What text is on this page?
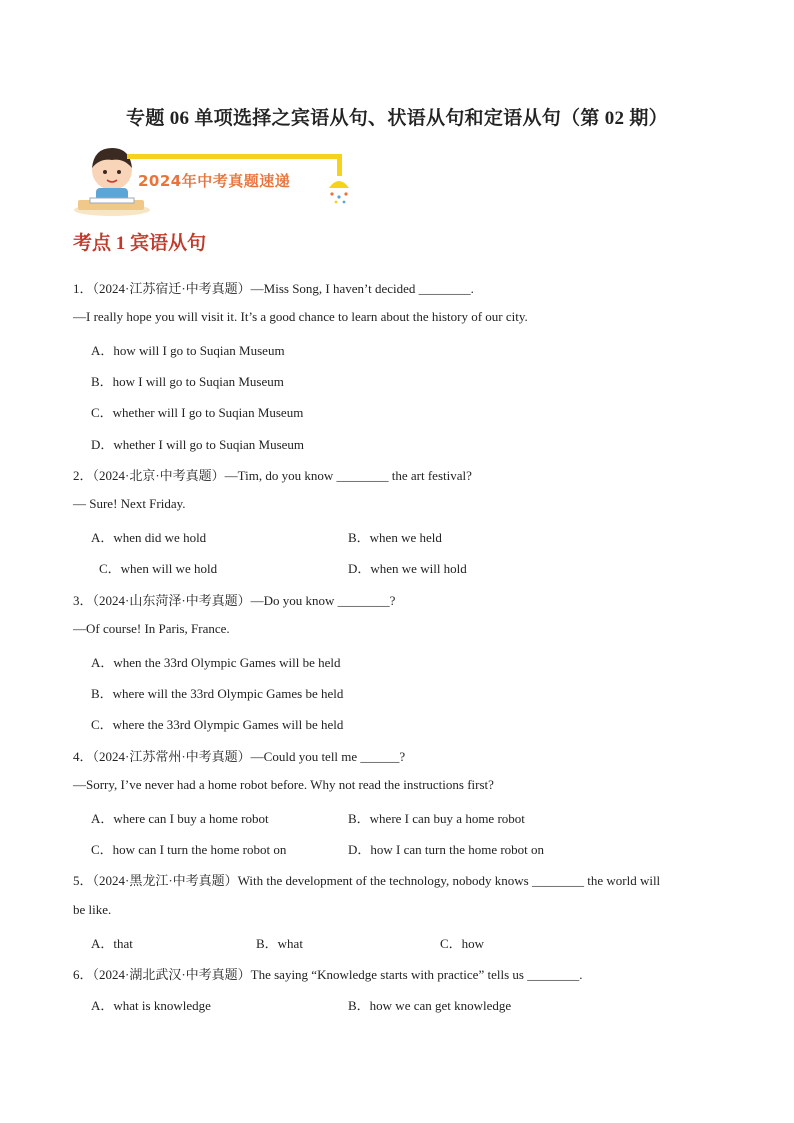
专题 06 单项选择之宾语从句、状语从句和定语从句（第 02 期）
2024年中考真题速递
考点 1 宾语从句
1．（2024·江苏宿迁·中考真题）—Miss Song, I haven’t decided ________.
—I really hope you will visit it. It’s a good chance to learn about the history of our city.
A．how will I go to Suqian Museum
B．how I will go to Suqian Museum
C．whether will I go to Suqian Museum
D．whether I will go to Suqian Museum
2．（2024·北京·中考真题）—Tim, do you know ________ the art festival?
— Sure! Next Friday.
A．when did we hold	B．when we held
C．when will we hold	D．when we will hold
3．（2024·山东菏泽·中考真题）—Do you know ________?
—Of course! In Paris, France.
A．when the 33rd Olympic Games will be held
B．where will the 33rd Olympic Games be held
C．where the 33rd Olympic Games will be held
4．（2024·江苏常州·中考真题）—Could you tell me ______?
—Sorry, I’ve never had a home robot before. Why not read the instructions first?
A．where can I buy a home robot	B．where I can buy a home robot
C．how can I turn the home robot on	D．how I can turn the home robot on
5．（2024·黑龙江·中考真题）With the development of the technology, nobody knows ________ the world will
be like.
A．that	B．what	C．how
6．（2024·湖北武汉·中考真题）The saying “Knowledge starts with practice” tells us ________.
A．what is knowledge	B．how we can get knowledge
